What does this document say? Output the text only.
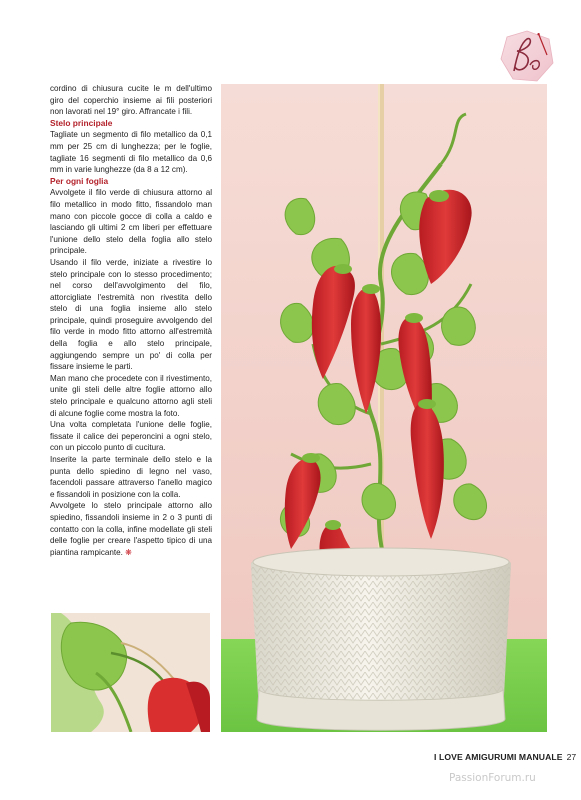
cordino di chiusura cucite le m dell'ultimo giro del coperchio insieme ai fili posteriori non lavorati nel 19° giro. Affrancate i fili.

Stelo principale

Tagliate un segmento di filo metallico da 0,1 mm per 25 cm di lunghezza; per le foglie, tagliate 16 segmenti di filo metallico da 0,6 mm in varie lunghezze (da 8 a 12 cm).

Per ogni foglia

Avvolgete il filo verde di chiusura attorno al filo metallico in modo fitto, fissandolo man mano con piccole gocce di colla a caldo e lasciando gli ultimi 2 cm liberi per effettuare l'unione dello stelo della foglia allo stelo principale.

Usando il filo verde, iniziate a rivestire lo stelo principale con lo stesso procedimento; nel corso dell'avvolgimento del filo, attorcigliate l'estremità non rivestita dello stelo di una foglia insieme allo stelo principale, quindi proseguire avvolgendo del filo verde in modo fitto attorno all'estremità della foglia e allo stelo principale, aggiungendo sempre un po' di colla per fissare insieme le parti.

Man mano che procedete con il rivestimento, unite gli steli delle altre foglie attorno allo stelo principale e qualcuno attorno agli steli di alcune foglie come mostra la foto.

Una volta completata l'unione delle foglie, fissate il calice dei peperoncini a ogni stelo, con un piccolo punto di cucitura.

Inserite la parte terminale dello stelo e la punta dello spiedino di legno nel vaso, facendoli passare attraverso l'anello magico e fissandoli in posizione con la colla.

Avvolgete lo stelo principale attorno allo spiedino, fissandoli insieme in 2 o 3 punti di contatto con la colla, infine modellate gli steli delle foglie per creare l'aspetto tipico di una piantina rampicante. ❋

I LOVE AMIGURUMI MANUALE 27
PassionForum.ru
